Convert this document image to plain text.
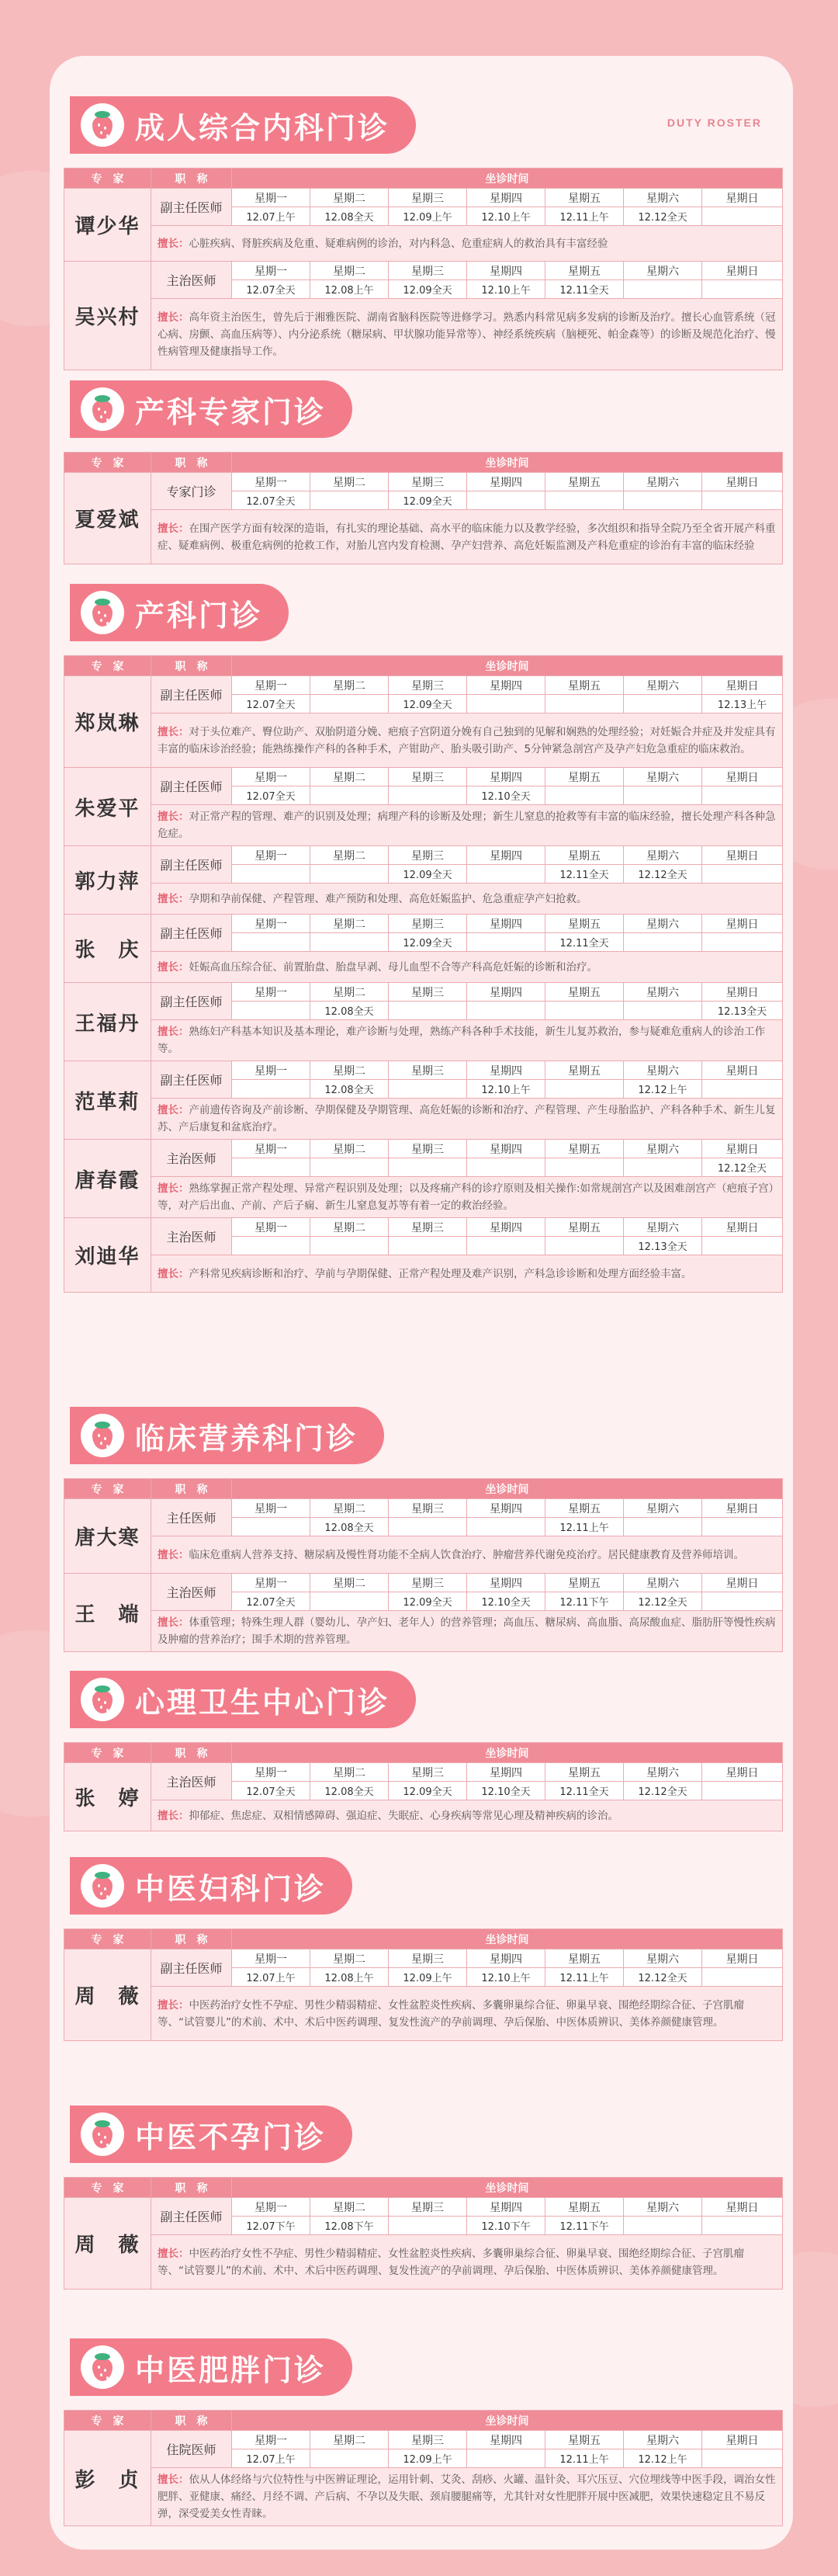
DUTY ROSTER
成人综合内科门诊
专　家	职　称	坐诊时间						
谭少华	副主任医师	星期一	星期二	星期三	星期四	星期五	星期六	星期日
		12.07上午	12.08全天	12.09上午	12.10上午	12.11上午	12.12全天	
	擅长：心脏疾病、肾脏疾病及危重、疑难病例的诊治，对内科急、危重症病人的救治具有丰富经验							
吴兴村	主治医师	星期一	星期二	星期三	星期四	星期五	星期六	星期日
		12.07全天	12.08上午	12.09全天	12.10上午	12.11全天		
	擅长：高年资主治医生，曾先后于湘雅医院、湖南省脑科医院等进修学习。熟悉内科常见病多发病的诊断及治疗。擅长心血管系统（冠心病、房颤、高血压病等）、内分泌系统（糖尿病、甲状腺功能异常等）、神经系统疾病（脑梗死、帕金森等）的诊断及规范化治疗、慢性病管理及健康指导工作。							
产科专家门诊
专　家	职　称	坐诊时间						
夏爱斌	专家门诊	星期一	星期二	星期三	星期四	星期五	星期六	星期日
		12.07全天		12.09全天				
	擅长：在围产医学方面有较深的造诣，有扎实的理论基础、高水平的临床能力以及教学经验，多次组织和指导全院乃至全省开展产科重症、疑难病例、极重危病例的抢救工作，对胎儿宫内发育检测、孕产妇营养、高危妊娠监测及产科危重症的诊治有丰富的临床经验							
产科门诊
专　家	职　称	坐诊时间						
郑岚琳	副主任医师	星期一	星期二	星期三	星期四	星期五	星期六	星期日
		12.07全天		12.09全天				12.13上午
	擅长：对于头位难产、臀位助产、双胎阴道分娩、疤痕子宫阴道分娩有自己独到的见解和娴熟的处理经验；对妊娠合并症及并发症具有丰富的临床诊治经验；能熟练操作产科的各种手术，产钳助产、胎头吸引助产、5分钟紧急剖宫产及孕产妇危急重症的临床救治。							
朱爱平	副主任医师	星期一	星期二	星期三	星期四	星期五	星期六	星期日
		12.07全天			12.10全天			
	擅长：对正常产程的管理、难产的识别及处理；病理产科的诊断及处理；新生儿窒息的抢救等有丰富的临床经验，擅长处理产科各种急危症。							
郭力萍	副主任医师	星期一	星期二	星期三	星期四	星期五	星期六	星期日
				12.09全天		12.11全天	12.12全天	
	擅长：孕期和孕前保健、产程管理、难产预防和处理、高危妊娠监护、危急重症孕产妇抢救。							
张　庆	副主任医师	星期一	星期二	星期三	星期四	星期五	星期六	星期日
				12.09全天		12.11全天		
	擅长：妊娠高血压综合征、前置胎盘、胎盘早剥、母儿血型不合等产科高危妊娠的诊断和治疗。							
王福丹	副主任医师	星期一	星期二	星期三	星期四	星期五	星期六	星期日
			12.08全天					12.13全天
	擅长：熟练妇产科基本知识及基本理论，难产诊断与处理，熟练产科各种手术技能，新生儿复苏救治，参与疑难危重病人的诊治工作等。							
范革莉	副主任医师	星期一	星期二	星期三	星期四	星期五	星期六	星期日
			12.08全天		12.10上午		12.12上午	
	擅长：产前遗传咨询及产前诊断、孕期保健及孕期管理、高危妊娠的诊断和治疗、产程管理、产生母胎监护、产科各种手术、新生儿复苏、产后康复和盆底治疗。							
唐春霞	主治医师	星期一	星期二	星期三	星期四	星期五	星期六	星期日
								12.12全天
	擅长：熟练掌握正常产程处理、异常产程识别及处理；以及疼痛产科的诊疗原则及相关操作:如常规剖宫产以及困难剖宫产（疤痕子宫）等，对产后出血、产前、产后子痫、新生儿窒息复苏等有着一定的救治经验。							
刘迪华	主治医师	星期一	星期二	星期三	星期四	星期五	星期六	星期日
							12.13全天	
	擅长：产科常见疾病诊断和治疗、孕前与孕期保健、正常产程处理及难产识别，产科急诊诊断和处理方面经验丰富。							
临床营养科门诊
专　家	职　称	坐诊时间						
唐大寒	主任医师	星期一	星期二	星期三	星期四	星期五	星期六	星期日
			12.08全天			12.11上午		
	擅长：临床危重病人营养支持、糖尿病及慢性肾功能不全病人饮食治疗、肿瘤营养代谢免疫治疗。居民健康教育及营养师培训。							
王　端	主治医师	星期一	星期二	星期三	星期四	星期五	星期六	星期日
		12.07全天		12.09全天	12.10全天	12.11下午	12.12全天	
	擅长：体重管理；特殊生理人群（婴幼儿、孕产妇、老年人）的营养管理；高血压、糖尿病、高血脂、高尿酸血症、脂肪肝等慢性疾病及肿瘤的营养治疗；围手术期的营养管理。							
心理卫生中心门诊
专　家	职　称	坐诊时间						
张　婷	主治医师	星期一	星期二	星期三	星期四	星期五	星期六	星期日
		12.07全天	12.08全天	12.09全天	12.10全天	12.11全天	12.12全天	
	擅长：抑郁症、焦虑症、双相情感障碍、强迫症、失眠症、心身疾病等常见心理及精神疾病的诊治。							
中医妇科门诊
专　家	职　称	坐诊时间						
周　薇	副主任医师	星期一	星期二	星期三	星期四	星期五	星期六	星期日
		12.07上午	12.08上午	12.09上午	12.10上午	12.11上午	12.12全天	
	擅长：中医药治疗女性不孕症、男性少精弱精症、女性盆腔炎性疾病、多囊卵巢综合征、卵巢早衰、围绝经期综合征、子宫肌瘤等、“试管婴儿”的术前、术中、术后中医药调理、复发性流产的孕前调理、孕后保胎、中医体质辨识、美体养颜健康管理。							
中医不孕门诊
专　家	职　称	坐诊时间						
周　薇	副主任医师	星期一	星期二	星期三	星期四	星期五	星期六	星期日
		12.07下午	12.08下午		12.10下午	12.11下午		
	擅长：中医药治疗女性不孕症、男性少精弱精症、女性盆腔炎性疾病、多囊卵巢综合征、卵巢早衰、围绝经期综合征、子宫肌瘤等、“试管婴儿”的术前、术中、术后中医药调理、复发性流产的孕前调理、孕后保胎、中医体质辨识、美体养颜健康管理。							
中医肥胖门诊
专　家	职　称	坐诊时间						
彭　贞	住院医师	星期一	星期二	星期三	星期四	星期五	星期六	星期日
		12.07上午		12.09上午		12.11上午	12.12上午	
	擅长：依从人体经络与穴位特性与中医辨证理论，运用针刺、艾灸、刮痧、火罐、温针灸、耳穴压豆、穴位埋线等中医手段，调治女性肥胖、亚健康、痛经、月经不调、产后病、不孕以及失眠、颈肩腰腿痛等，尤其针对女性肥胖开展中医减肥，效果快速稳定且不易反弹，深受爱美女性青睐。							
